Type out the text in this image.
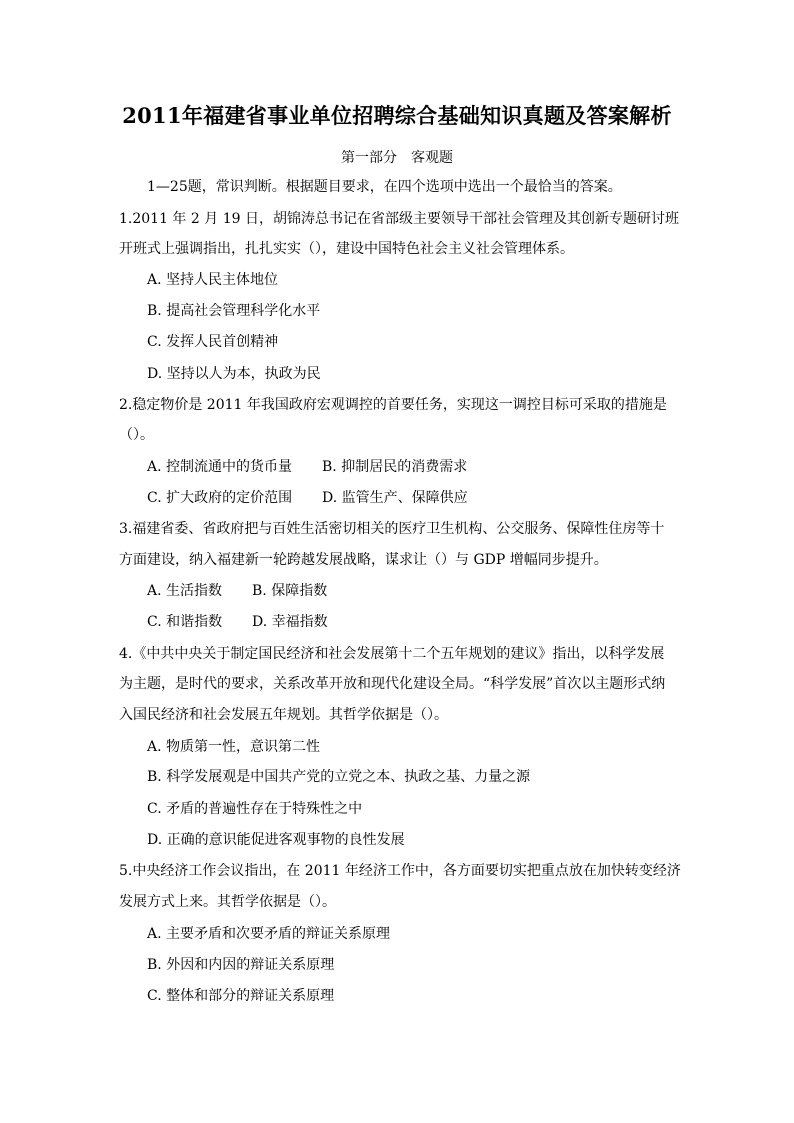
2011年福建省事业单位招聘综合基础知识真题及答案解析
第一部分　客观题
1—25题，常识判断。根据题目要求，在四个选项中选出一个最恰当的答案。
1.2011 年 2 月 19 日，胡锦涛总书记在省部级主要领导干部社会管理及其创新专题研讨班
开班式上强调指出，扎扎实实（），建设中国特色社会主义社会管理体系。
A. 坚持人民主体地位
B. 提高社会管理科学化水平
C. 发挥人民首创精神
D. 坚持以人为本，执政为民
2.稳定物价是 2011 年我国政府宏观调控的首要任务，实现这一调控目标可采取的措施是
（）。
A. 控制流通中的货币量 B. 抑制居民的消费需求
C. 扩大政府的定价范围 D. 监管生产、保障供应
3.福建省委、省政府把与百姓生活密切相关的医疗卫生机构、公交服务、保障性住房等十
方面建设，纳入福建新一轮跨越发展战略，谋求让（）与 GDP 增幅同步提升。
A. 生活指数 B. 保障指数
C. 和谐指数 D. 幸福指数
4.《中共中央关于制定国民经济和社会发展第十二个五年规划的建议》指出，以科学发展
为主题，是时代的要求，关系改革开放和现代化建设全局。“科学发展”首次以主题形式纳
入国民经济和社会发展五年规划。其哲学依据是（）。
A. 物质第一性，意识第二性
B. 科学发展观是中国共产党的立党之本、执政之基、力量之源
C. 矛盾的普遍性存在于特殊性之中
D. 正确的意识能促进客观事物的良性发展
5.中央经济工作会议指出，在 2011 年经济工作中，各方面要切实把重点放在加快转变经济
发展方式上来。其哲学依据是（）。
A. 主要矛盾和次要矛盾的辩证关系原理
B. 外因和内因的辩证关系原理
C. 整体和部分的辩证关系原理
